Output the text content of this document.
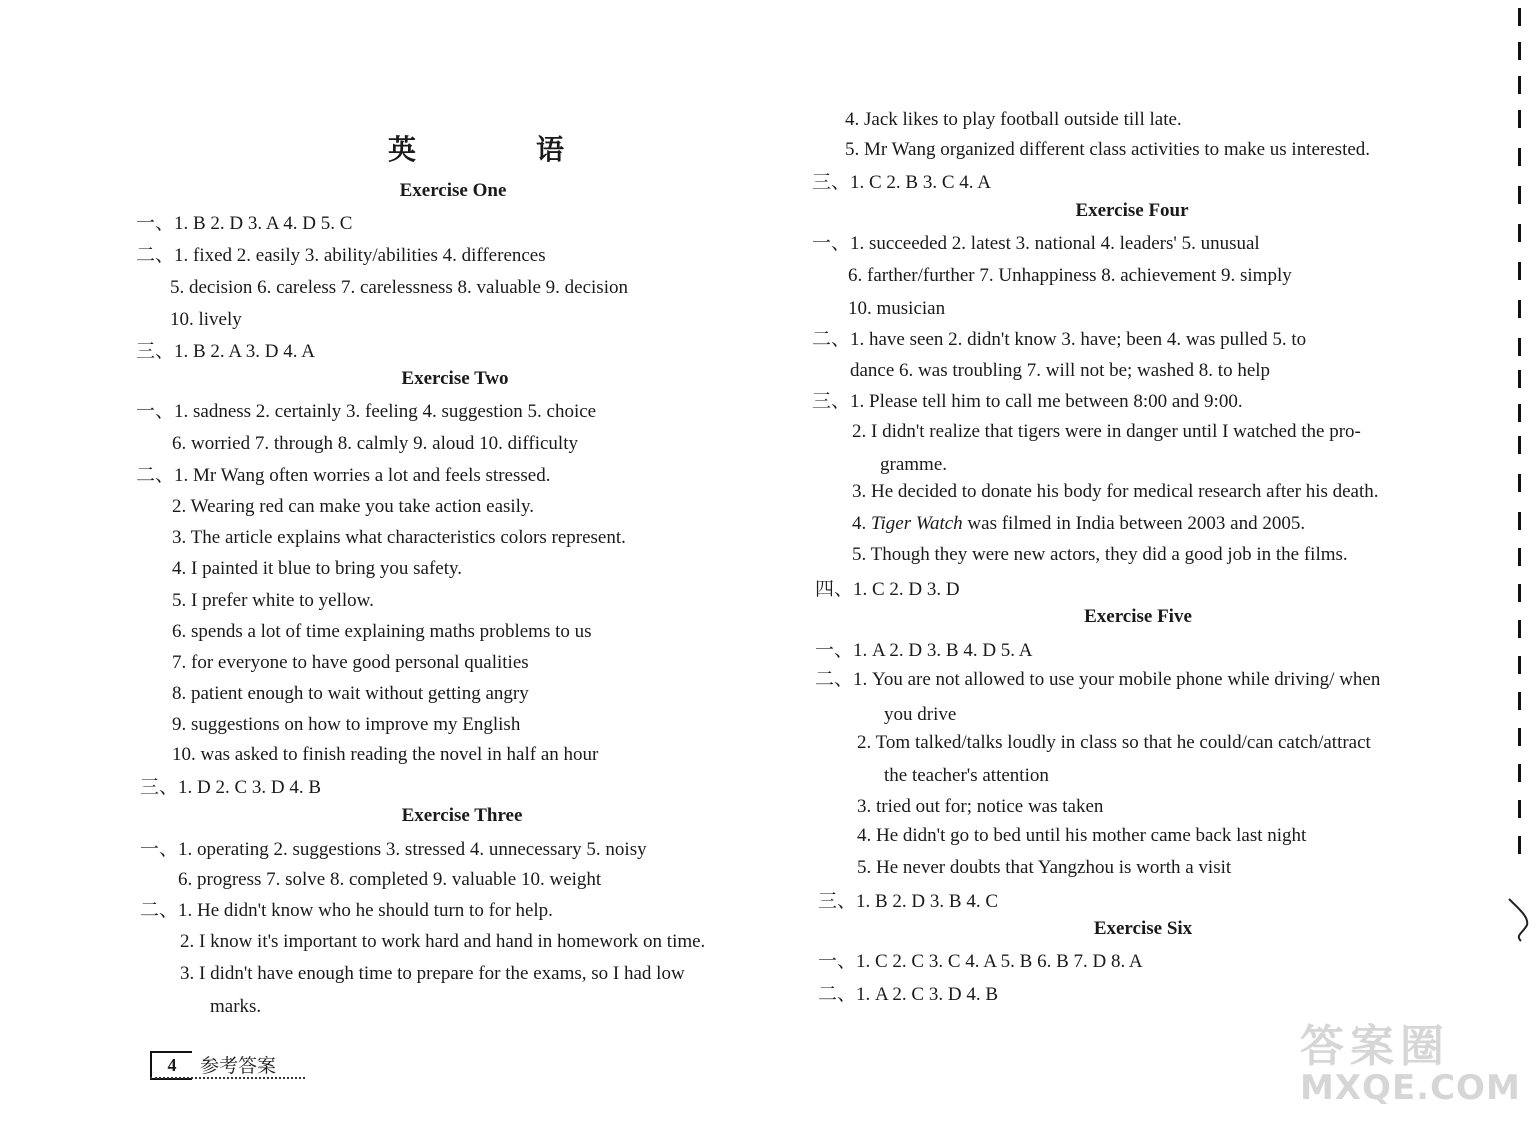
英　语
Exercise One
一、1. B 2. D 3. A 4. D 5. C
二、1. fixed 2. easily 3. ability/abilities 4. differences
5. decision 6. careless 7. carelessness 8. valuable 9. decision
10. lively
三、1. B 2. A 3. D 4. A
Exercise Two
一、1. sadness 2. certainly 3. feeling 4. suggestion 5. choice
6. worried 7. through 8. calmly 9. aloud 10. difficulty
二、1. Mr Wang often worries a lot and feels stressed.
2. Wearing red can make you take action easily.
3. The article explains what characteristics colors represent.
4. I painted it blue to bring you safety.
5. I prefer white to yellow.
6. spends a lot of time explaining maths problems to us
7. for everyone to have good personal qualities
8. patient enough to wait without getting angry
9. suggestions on how to improve my English
10. was asked to finish reading the novel in half an hour
三、1. D 2. C 3. D 4. B
Exercise Three
一、1. operating 2. suggestions 3. stressed 4. unnecessary 5. noisy
6. progress 7. solve 8. completed 9. valuable 10. weight
二、1. He didn't know who he should turn to for help.
2. I know it's important to work hard and hand in homework on time.
3. I didn't have enough time to prepare for the exams, so I had low
marks.
4. Jack likes to play football outside till late.
5. Mr Wang organized different class activities to make us interested.
三、1. C 2. B 3. C 4. A
Exercise Four
一、1. succeeded 2. latest 3. national 4. leaders' 5. unusual
6. farther/further 7. Unhappiness 8. achievement 9. simply
10. musician
二、1. have seen 2. didn't know 3. have; been 4. was pulled 5. to
dance 6. was troubling 7. will not be; washed 8. to help
三、1. Please tell him to call me between 8:00 and 9:00.
2. I didn't realize that tigers were in danger until I watched the pro-
gramme.
3. He decided to donate his body for medical research after his death.
4. Tiger Watch was filmed in India between 2003 and 2005.
5. Though they were new actors, they did a good job in the films.
四、1. C 2. D 3. D
Exercise Five
一、1. A 2. D 3. B 4. D 5. A
二、1. You are not allowed to use your mobile phone while driving/ when
you drive
2. Tom talked/talks loudly in class so that he could/can catch/attract
the teacher's attention
3. tried out for; notice was taken
4. He didn't go to bed until his mother came back last night
5. He never doubts that Yangzhou is worth a visit
三、1. B 2. D 3. B 4. C
Exercise Six
一、1. C 2. C 3. C 4. A 5. B 6. B 7. D 8. A
二、1. A 2. C 3. D 4. B
4	参考答案	答案圈
MXQE.COM
